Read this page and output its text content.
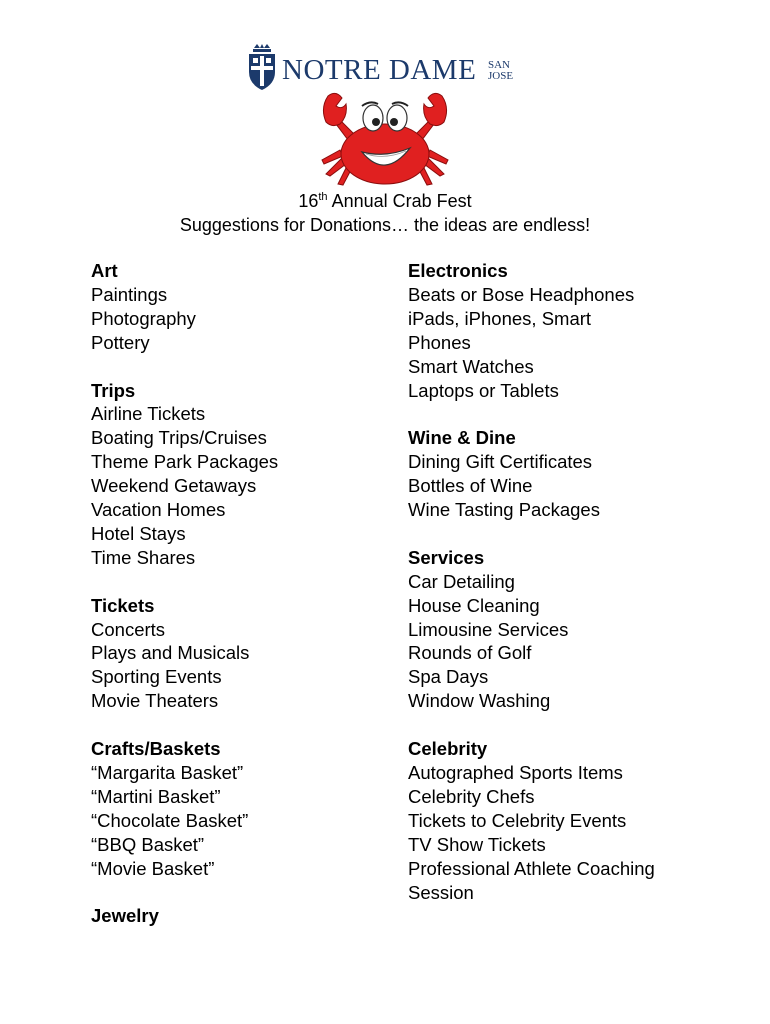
NOTRE DAME SAN
JOSE
16th Annual Crab Fest
Suggestions for Donations… the ideas are endless!
Art
Paintings
Photography
Pottery
Trips
Airline Tickets
Boating Trips/Cruises
Theme Park Packages
Weekend Getaways
Vacation Homes
Hotel Stays
Time Shares
Tickets
Concerts
Plays and Musicals
Sporting Events
Movie Theaters
Crafts/Baskets
“Margarita Basket”
“Martini Basket”
“Chocolate Basket”
“BBQ Basket”
“Movie Basket”
Jewelry
Electronics
Beats or Bose Headphones
iPads, iPhones, Smart
Phones
Smart Watches
Laptops or Tablets
Wine & Dine
Dining Gift Certificates
Bottles of Wine
Wine Tasting Packages
Services
Car Detailing
House Cleaning
Limousine Services
Rounds of Golf
Spa Days
Window Washing
Celebrity
Autographed Sports Items
Celebrity Chefs
Tickets to Celebrity Events
TV Show Tickets
Professional Athlete Coaching
Session
